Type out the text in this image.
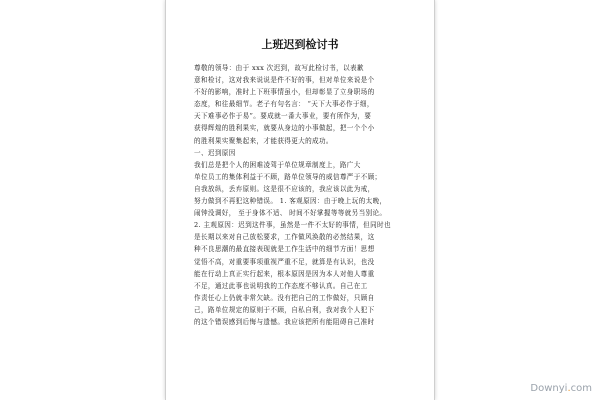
上班迟到检讨书
尊敬的领导：由于 xxx 次迟到，故写此检讨书，以表歉
意和检讨，这对我来说说是件不好的事，但对单位来说是个
不好的影响，准时上下班事情虽小，但却彰显了立身职场的
态度，和往最细节。老子有句名言： “天下大事必作于细，
天下难事必作于易”。要成就一番大事业，要有所作为，要
获得辉煌的胜利果实，就要从身边的小事做起，把一个个小
的胜利果实聚集起来，才能获得更大的成功。
一、迟到原因
我们总是把个人的困难凌驾于单位规章制度上，路广大
单位员工的集体利益于不顾，路单位领导的威信尊严于不顾；
自我放纵，丢弃原则。这是很不应该的，我应该以此为戒，
努力做到不再犯这种错误。 1. 客观原因：由于晚上玩的太晚，
闹钟没调好， 至于身体不适、 时间不好掌握等等就另当别论。
2. 主观原因：迟到这件事，虽然是一件不太好的事情，但同时也
是长期以来对自己放松要求，工作做风涣散的必然结果，这
种不良思潮的最直接表现就是工作生活中的细节方面！思想
觉悟不高，对重要事项重视严重不足，就算是有认识，也没
能在行动上真正实行起来，根本原因是因为本人对他人尊重
不足，通过此事也说明我的工作态度不够认真。自己在工
作责任心上仍就非常欠缺。没有把自己的工作做好，只顾自
己，路单位规定的原则于不顾，自私自利，我对我个人犯下
的这个错误感到后悔与遗憾。我应该把所有能阻碍自己准时
Downyi.com
